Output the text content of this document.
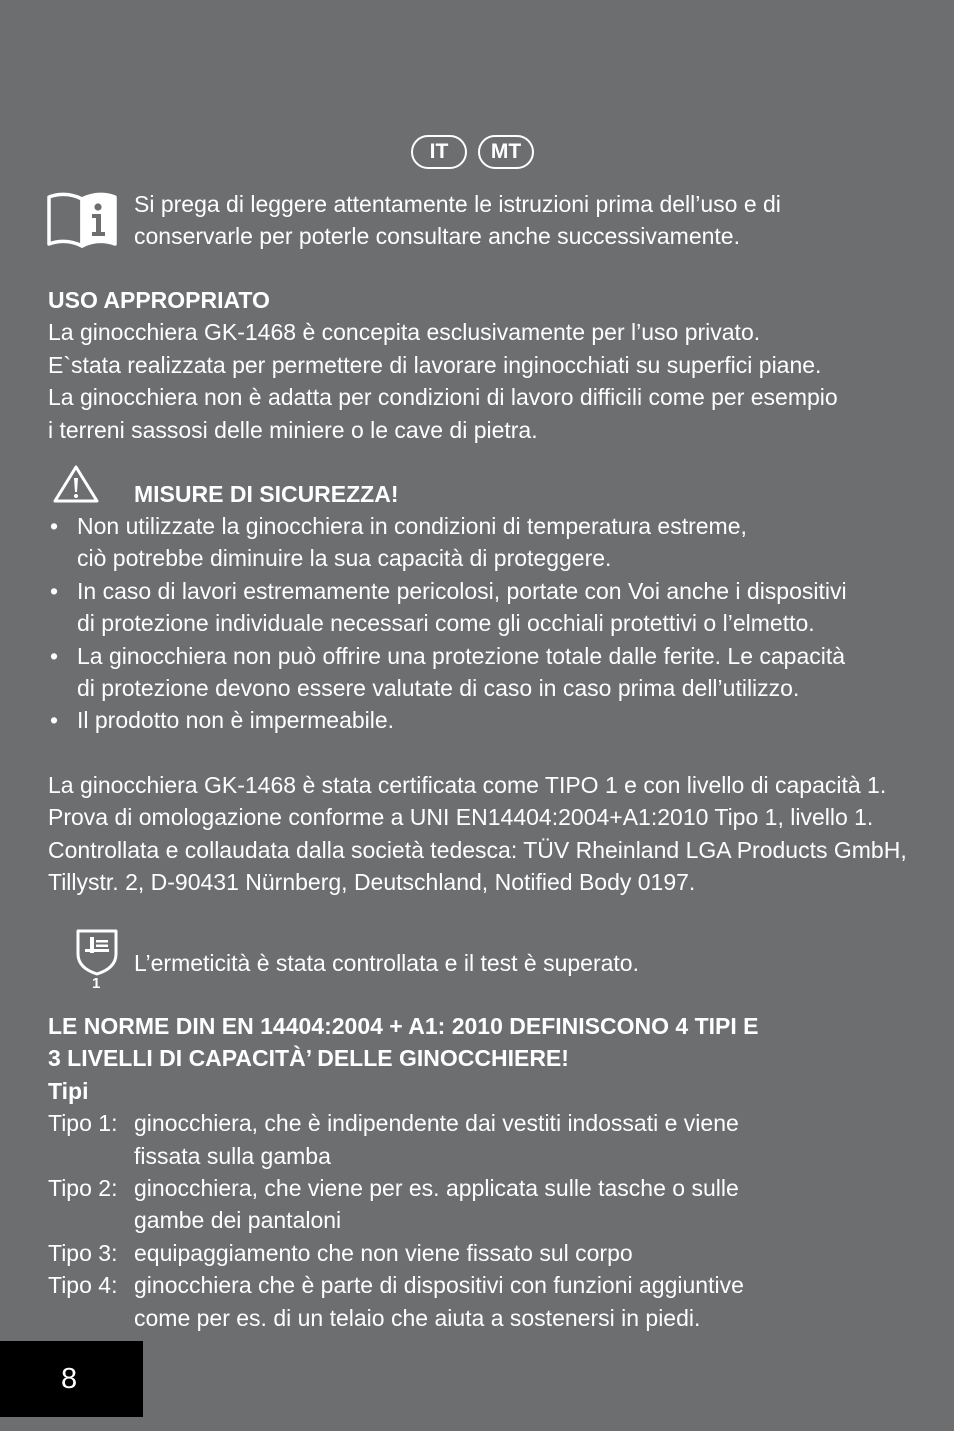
IT	MT
Si prega di leggere attentamente le istruzioni prima dell’uso e di
conservarle per poterle consultare anche successivamente.
USO APPROPRIATO
La ginocchiera GK-1468 è concepita esclusivamente per l’uso privato.
E`stata realizzata per permettere di lavorare inginocchiati su superfici piane.
La ginocchiera non è adatta per condizioni di lavoro difficili come per esempio
i terreni sassosi delle miniere o le cave di pietra.
MISURE DI SICUREZZA!
• Non utilizzate la ginocchiera in condizioni di temperatura estreme,
ciò potrebbe diminuire la sua capacità di proteggere.
• In caso di lavori estremamente pericolosi, portate con Voi anche i dispositivi
di protezione individuale necessari come gli occhiali protettivi o l’elmetto.
• La ginocchiera non può offrire una protezione totale dalle ferite. Le capacità
di protezione devono essere valutate di caso in caso prima dell’utilizzo.
• Il prodotto non è impermeabile.
La ginocchiera GK-1468 è stata certificata come TIPO 1 e con livello di capacità 1.
Prova di omologazione conforme a UNI EN14404:2004+A1:2010 Tipo 1, livello 1.
Controllata e collaudata dalla società tedesca: TÜV Rheinland LGA Products GmbH,
Tillystr. 2, D-90431 Nürnberg, Deutschland, Notified Body 0197.
1
L’ermeticità è stata controllata e il test è superato.
LE NORME DIN EN 14404:2004 + A1: 2010 DEFINISCONO 4 TIPI E
3 LIVELLI DI CAPACITÀ’ DELLE GINOCCHIERE!
Tipi
Tipo 1: ginocchiera, che è indipendente dai vestiti indossati e viene
fissata sulla gamba
Tipo 2: ginocchiera, che viene per es. applicata sulle tasche o sulle
gambe dei pantaloni
Tipo 3: equipaggiamento che non viene fissato sul corpo
Tipo 4: ginocchiera che è parte di dispositivi con funzioni aggiuntive
come per es. di un telaio che aiuta a sostenersi in piedi.
8
